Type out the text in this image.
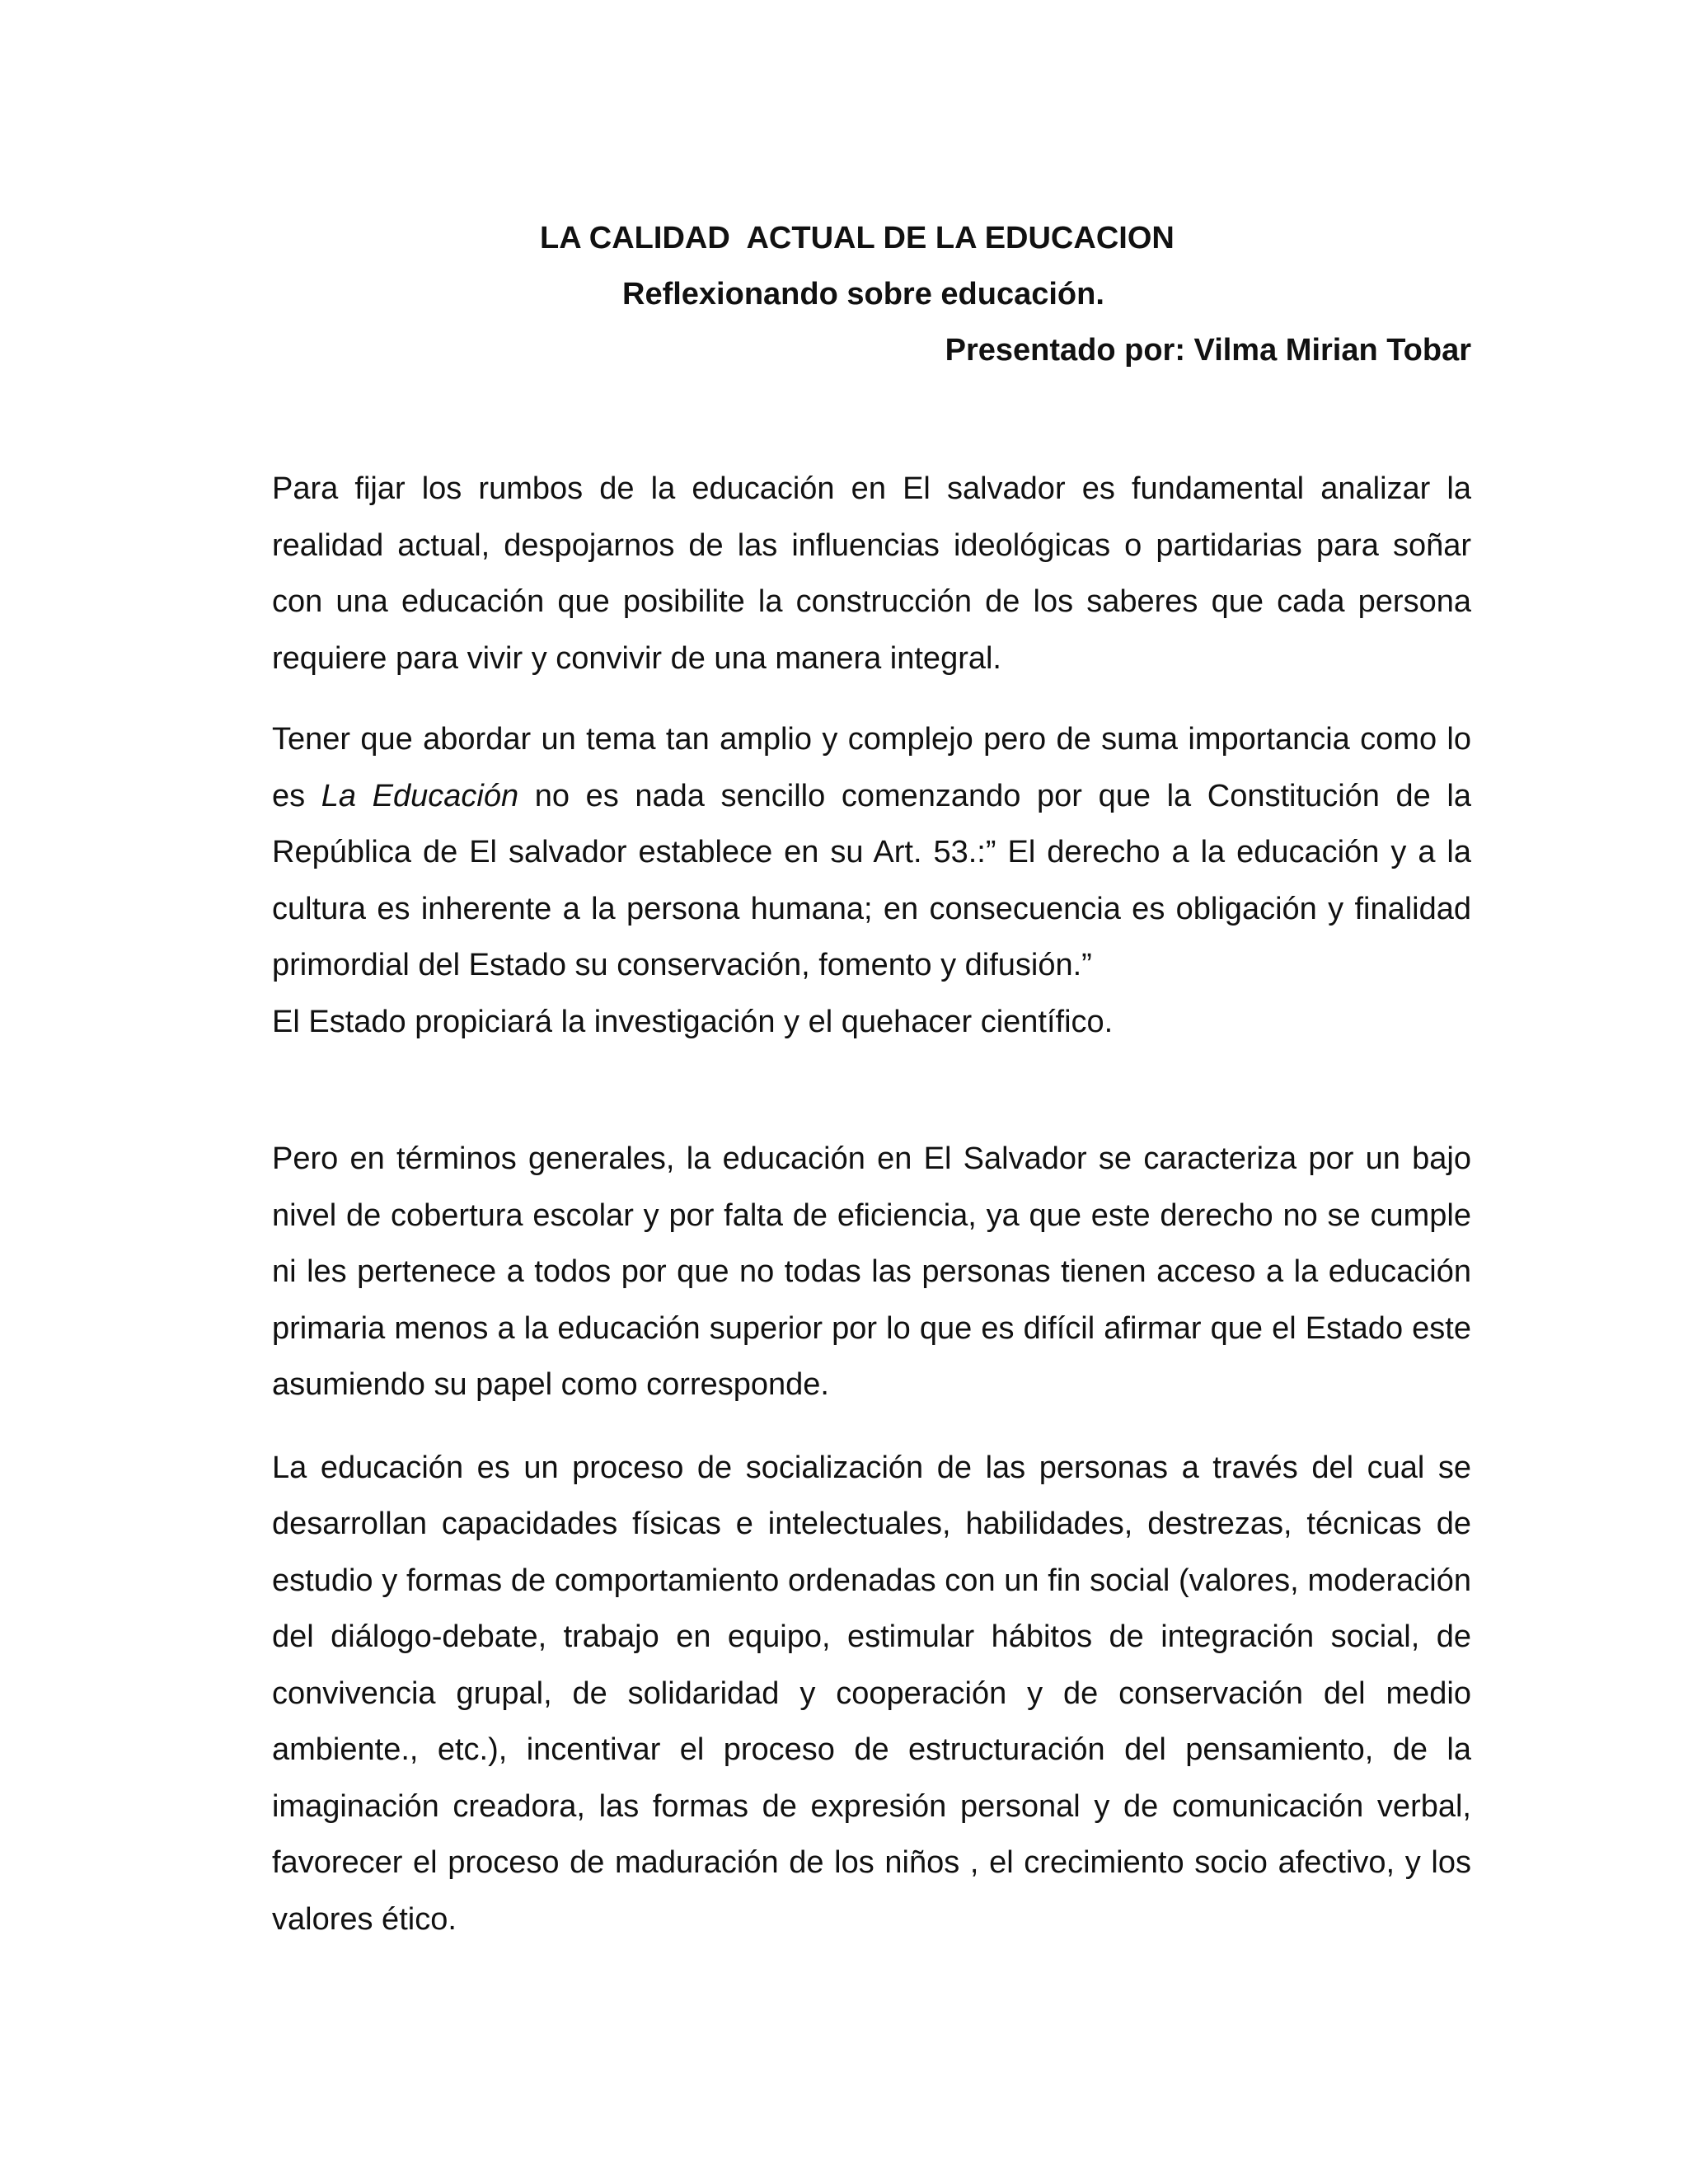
LA CALIDAD  ACTUAL DE LA EDUCACION
Reflexionando sobre educación.
Presentado por: Vilma Mirian Tobar

Para fijar los rumbos de la educación en El salvador es fundamental analizar la realidad actual, despojarnos de las influencias ideológicas o partidarias para soñar con una educación que posibilite la construcción de los saberes que cada persona requiere para vivir y convivir de una manera integral.

Tener que abordar un tema tan amplio y complejo pero de suma importancia como lo es La Educación no es nada sencillo comenzando por que la Constitución de la República de El salvador establece en su Art. 53.:” El derecho a la educación y a la cultura es inherente a la persona humana; en consecuencia es obligación y finalidad primordial del Estado su conservación, fomento y difusión.”

El Estado propiciará la investigación y el quehacer científico.

Pero en términos generales, la educación en El Salvador se caracteriza por un bajo nivel de cobertura escolar y por falta de eficiencia, ya que este derecho no se cumple ni les pertenece a todos por que no todas las personas tienen acceso a la educación primaria menos a la educación superior por lo que es difícil afirmar que el Estado este asumiendo su papel como corresponde.

La educación es un proceso de socialización de las personas a través del cual se desarrollan capacidades físicas e intelectuales, habilidades, destrezas, técnicas de estudio y formas de comportamiento ordenadas con un fin social (valores, moderación del diálogo-debate, trabajo en equipo, estimular hábitos de integración social, de convivencia grupal, de solidaridad y cooperación y de conservación del medio ambiente., etc.), incentivar el proceso de estructuración del pensamiento, de la imaginación creadora, las formas de expresión personal y de comunicación verbal, favorecer el proceso de maduración de los niños , el crecimiento socio afectivo, y los valores ético.
